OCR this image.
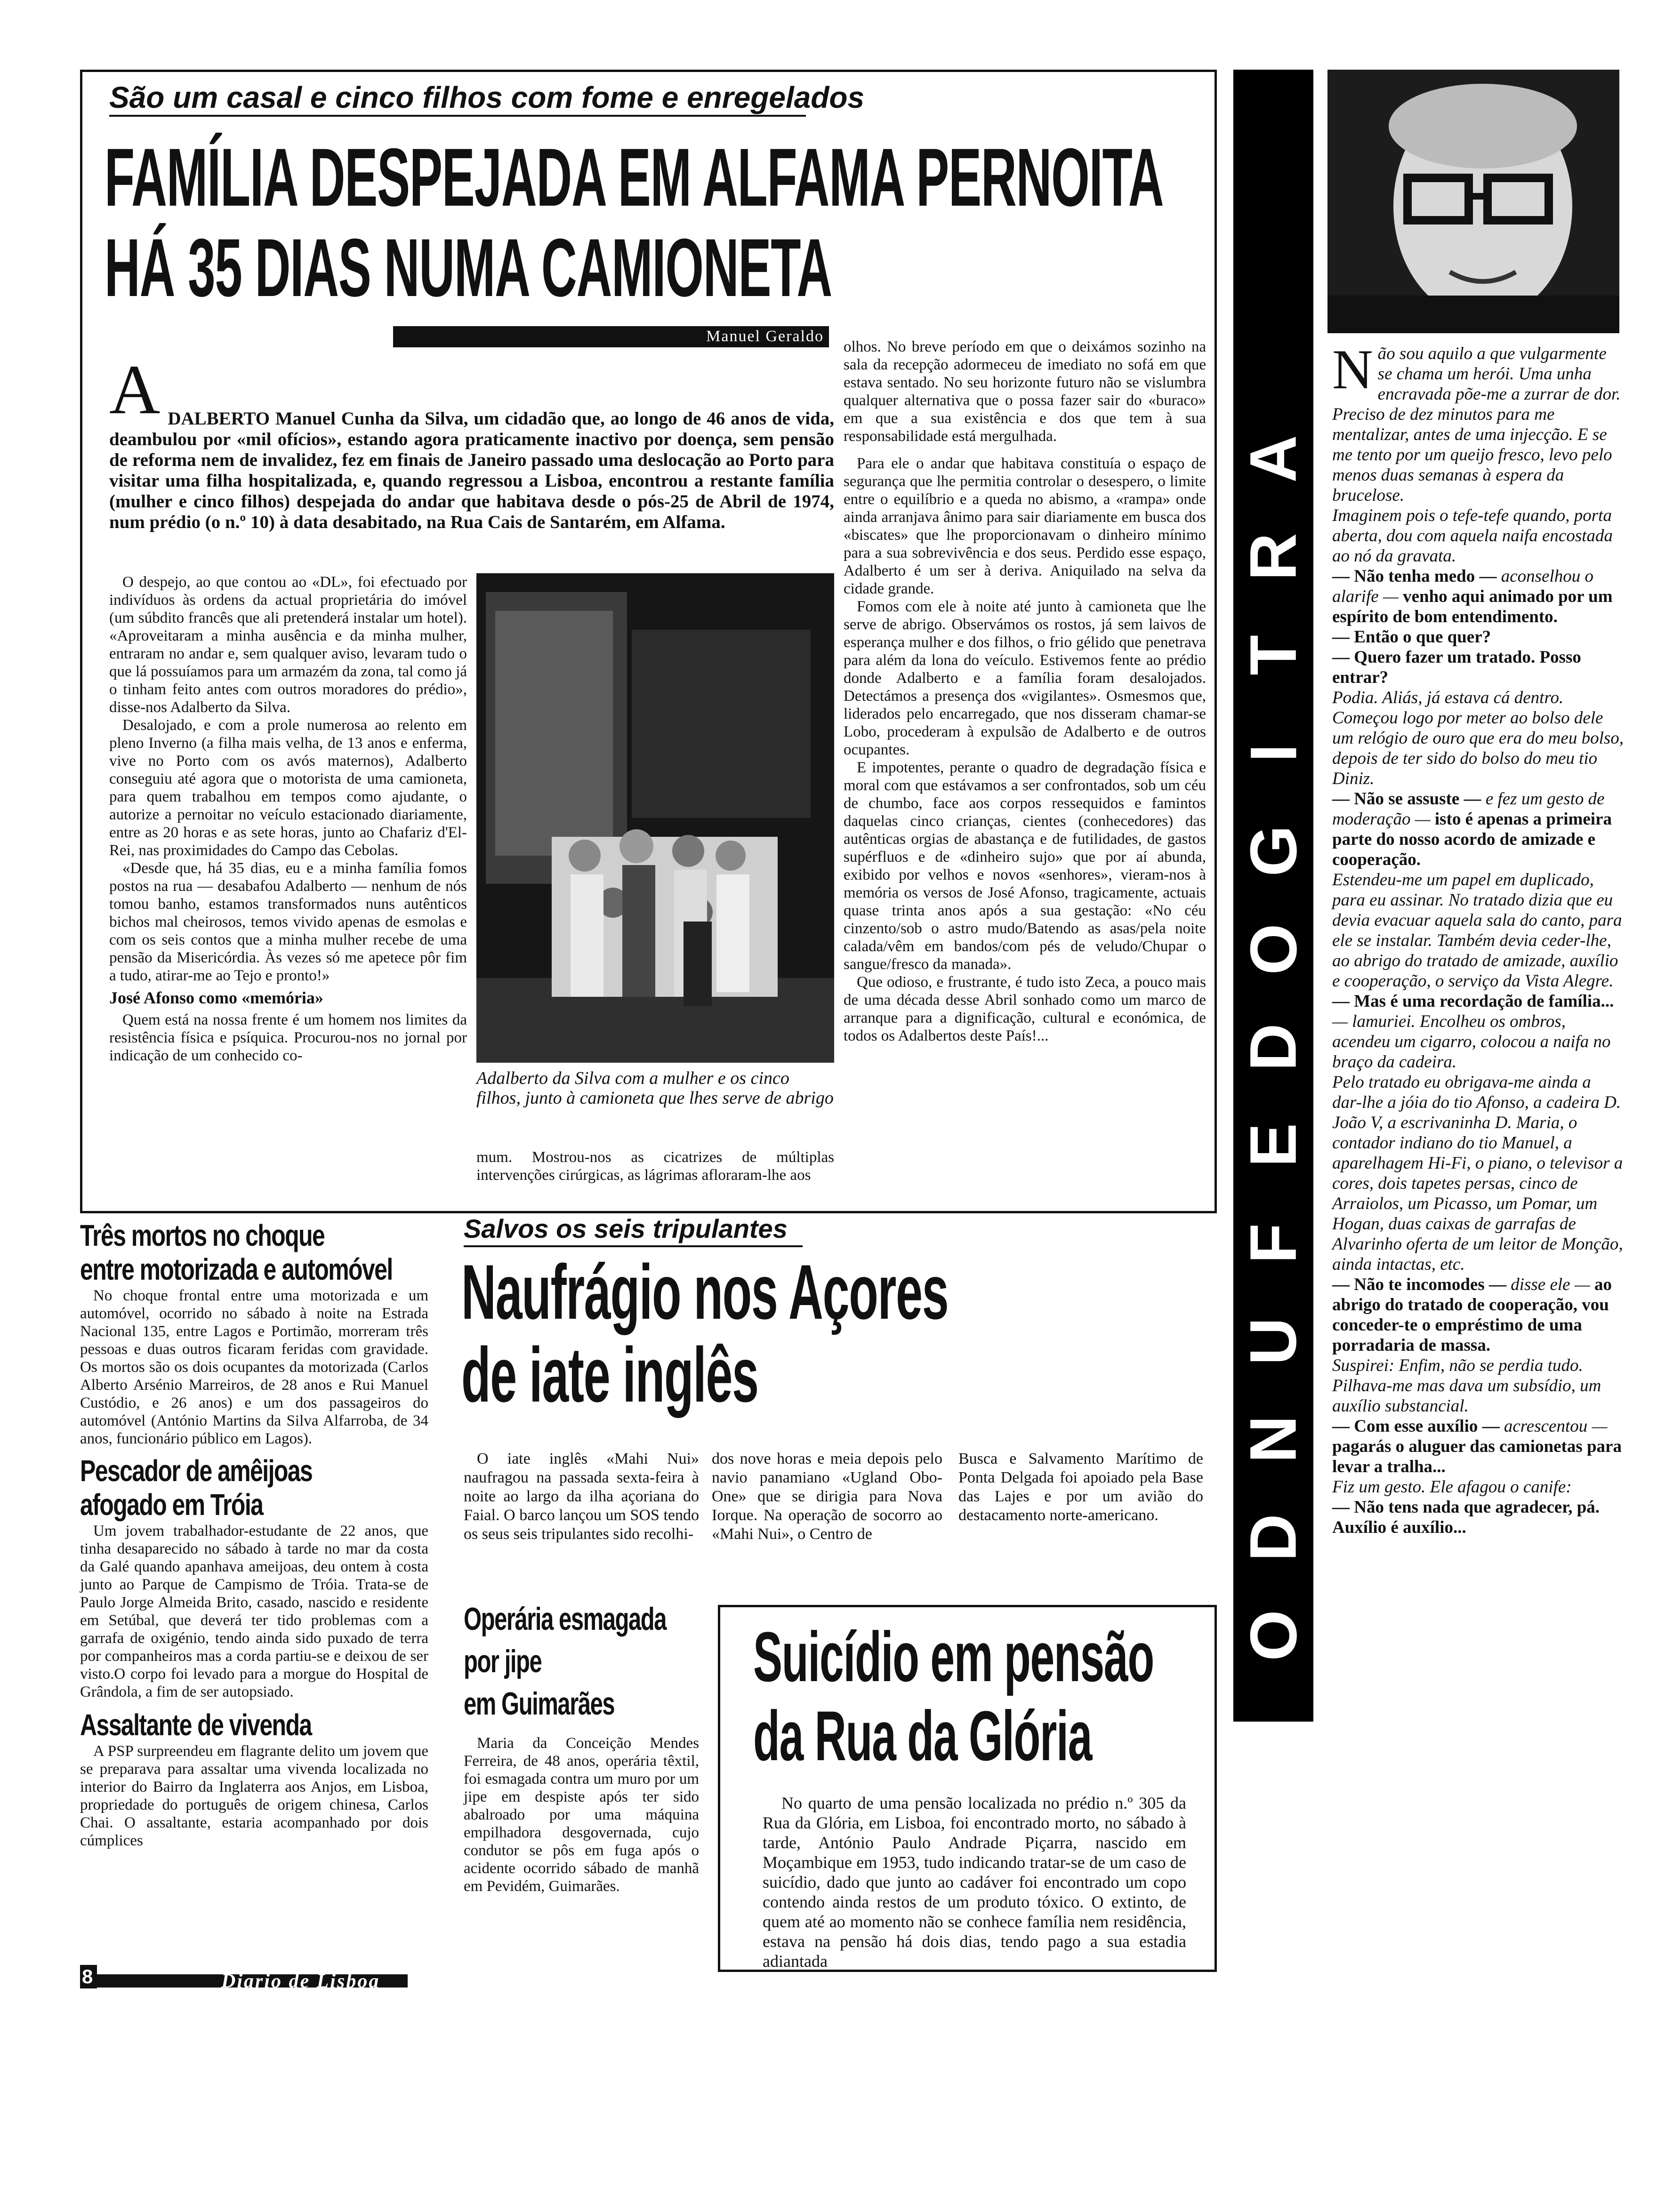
São um casal e cinco filhos com fome e enregelados
FAMÍLIA DESPEJADA EM ALFAMA PERNOITA
HÁ 35 DIAS NUMA CAMIONETA
Manuel Geraldo
A DALBERTO Manuel Cunha da Silva, um cidadão que, ao longo de 46 anos de vida, deambulou por «mil ofícios», estando agora praticamente inactivo por doença, sem pensão de reforma nem de invalidez, fez em finais de Janeiro passado uma deslocação ao Porto para visitar uma filha hospitalizada, e, quando regressou a Lisboa, encontrou a restante família (mulher e cinco filhos) despejada do andar que habitava desde o pós-25 de Abril de 1974, num prédio (o n.º 10) à data desabitado, na Rua Cais de Santarém, em Alfama.

O despejo, ao que contou ao «DL», foi efectuado por indivíduos às ordens da actual proprietária do imóvel (um súbdito francês que ali pretenderá instalar um hotel). «Aproveitaram a minha ausência e da minha mulher, entraram no andar e, sem qualquer aviso, levaram tudo o que lá possuíamos para um armazém da zona, tal como já o tinham feito antes com outros moradores do prédio», disse-nos Adalberto da Silva.

Desalojado, e com a prole numerosa ao relento em pleno Inverno (a filha mais velha, de 13 anos e enferma, vive no Porto com os avós maternos), Adalberto conseguiu até agora que o motorista de uma camioneta, para quem trabalhou em tempos como ajudante, o autorize a pernoitar no veículo estacionado diariamente, entre as 20 horas e as sete horas, junto ao Chafariz d'El-Rei, nas proximidades do Campo das Cebolas.

«Desde que, há 35 dias, eu e a minha família fomos postos na rua — desabafou Adalberto — nenhum de nós tomou banho, estamos transformados nuns autênticos bichos mal cheirosos, temos vivido apenas de esmolas e com os seis contos que a minha mulher recebe de uma pensão da Misericórdia. Às vezes só me apetece pôr fim a tudo, atirar-me ao Tejo e pronto!»

José Afonso como «memória»

Quem está na nossa frente é um homem nos limites da resistência física e psíquica. Procurou-nos no jornal por indicação de um conhecido co-

Adalberto da Silva com a mulher e os cinco filhos, junto à camioneta que lhes serve de abrigo
mum. Mostrou-nos as cicatrizes de múltiplas intervenções cirúrgicas, as lágrimas afloraram-lhe aos

olhos. No breve período em que o deixámos sozinho na sala da recepção adormeceu de imediato no sofá em que estava sentado. No seu horizonte futuro não se vislumbra qualquer alternativa que o possa fazer sair do «buraco» em que a sua existência e dos que tem à sua responsabilidade está mergulhada.

Para ele o andar que habitava constituía o espaço de segurança que lhe permitia controlar o desespero, o limite entre o equilíbrio e a queda no abismo, a «rampa» onde ainda arranjava ânimo para sair diariamente em busca dos «biscates» que lhe proporcionavam o dinheiro mínimo para a sua sobrevivência e dos seus. Perdido esse espaço, Adalberto é um ser à deriva. Aniquilado na selva da cidade grande.

Fomos com ele à noite até junto à camioneta que lhe serve de abrigo. Observámos os rostos, já sem laivos de esperança mulher e dos filhos, o frio gélido que penetrava para além da lona do veículo. Estivemos fente ao prédio donde Adalberto e a família foram desalojados. Detectámos a presença dos «vigilantes». Osmesmos que, liderados pelo encarregado, que nos disseram chamar-se Lobo, procederam à expulsão de Adalberto e de outros ocupantes.

E impotentes, perante o quadro de degradação física e moral com que estávamos a ser confrontados, sob um céu de chumbo, face aos corpos ressequidos e famintos daquelas cinco crianças, cientes (conhecedores) das autênticas orgias de abastança e de futilidades, de gastos supérfluos e de «dinheiro sujo» que por aí abunda, exibido por velhos e novos «senhores», vieram-nos à memória os versos de José Afonso, tragicamente, actuais quase trinta anos após a sua gestação: «No céu cinzento/sob o astro mudo/Batendo as asas/pela noite calada/vêm em bandos/com pés de veludo/Chupar o sangue/fresco da manada».

Que odioso, e frustrante, é tudo isto Zeca, a pouco mais de uma década desse Abril sonhado como um marco de arranque para a dignificação, cultural e económica, de todos os Adalbertos deste País!...

A
R
T
I
G
O
D
E
F
U
N
D
O
N ão sou aquilo a que vulgarmente se chama um herói. Uma unha encravada põe-me a zurrar de dor. Preciso de dez minutos para me mentalizar, antes de uma injecção. E se me tento por um queijo fresco, levo pelo menos duas semanas à espera da brucelose.
Imaginem pois o tefe-tefe quando, porta aberta, dou com aquela naifa encostada ao nó da gravata.
— Não tenha medo — aconselhou o alarife — venho aqui animado por um espírito de bom entendimento.
— Então o que quer?
— Quero fazer um tratado. Posso entrar?
Podia. Aliás, já estava cá dentro. Começou logo por meter ao bolso dele um relógio de ouro que era do meu bolso, depois de ter sido do bolso do meu tio Diniz.
— Não se assuste — e fez um gesto de moderação — isto é apenas a primeira parte do nosso acordo de amizade e cooperação.
Estendeu-me um papel em duplicado, para eu assinar. No tratado dizia que eu devia evacuar aquela sala do canto, para ele se instalar. Também devia ceder-lhe, ao abrigo do tratado de amizade, auxílio e cooperação, o serviço da Vista Alegre.
— Mas é uma recordação de família... — lamuriei. Encolheu os ombros, acendeu um cigarro, colocou a naifa no braço da cadeira.
Pelo tratado eu obrigava-me ainda a dar-lhe a jóia do tio Afonso, a cadeira D. João V, a escrivaninha D. Maria, o contador indiano do tio Manuel, a aparelhagem Hi-Fi, o piano, o televisor a cores, dois tapetes persas, cinco de Arraiolos, um Picasso, um Pomar, um Hogan, duas caixas de garrafas de Alvarinho oferta de um leitor de Monção, ainda intactas, etc.
— Não te incomodes — disse ele — ao abrigo do tratado de cooperação, vou conceder-te o empréstimo de uma porradaria de massa.
Suspirei: Enfim, não se perdia tudo. Pilhava-me mas dava um subsídio, um auxílio substancial.
— Com esse auxílio — acrescentou — pagarás o aluguer das camionetas para levar a tralha...
Fiz um gesto. Ele afagou o canife:
— Não tens nada que agradecer, pá. Auxílio é auxílio...
Três mortos no choque
entre motorizada e automóvel
No choque frontal entre uma motorizada e um automóvel, ocorrido no sábado à noite na Estrada Nacional 135, entre Lagos e Portimão, morreram três pessoas e duas outros ficaram feridas com gravidade. Os mortos são os dois ocupantes da motorizada (Carlos Alberto Arsénio Marreiros, de 28 anos e Rui Manuel Custódio, e 26 anos) e um dos passageiros do automóvel (António Martins da Silva Alfarroba, de 34 anos, funcionário público em Lagos).
Pescador de amêijoas
afogado em Tróia
Um jovem trabalhador-estudante de 22 anos, que tinha desaparecido no sábado à tarde no mar da costa da Galé quando apanhava ameijoas, deu ontem à costa junto ao Parque de Campismo de Tróia. Trata-se de Paulo Jorge Almeida Brito, casado, nascido e residente em Setúbal, que deverá ter tido problemas com a garrafa de oxigénio, tendo ainda sido puxado de terra por companheiros mas a corda partiu-se e deixou de ser visto.O corpo foi levado para a morgue do Hospital de Grândola, a fim de ser autopsiado.
Assaltante de vivenda
A PSP surpreendeu em flagrante delito um jovem que se preparava para assaltar uma vivenda localizada no interior do Bairro da Inglaterra aos Anjos, em Lisboa, propriedade do português de origem chinesa, Carlos Chai. O assaltante, estaria acompanhado por dois cúmplices
Salvos os seis tripulantes
Naufrágio nos Açores
de iate inglês
O iate inglês «Mahi Nui» naufragou na passada sexta-feira à noite ao largo da ilha açoriana do Faial. O barco lançou um SOS tendo os seus seis tripulantes sido recolhi-
dos nove horas e meia depois pelo navio panamiano «Ugland Obo-One» que se dirigia para Nova Iorque. Na operação de socorro ao «Mahi Nui», o Centro de
Busca e Salvamento Marítimo de Ponta Delgada foi apoiado pela Base das Lajes e por um avião do destacamento norte-americano.
Operária esmagada
por jipe
em Guimarães
Maria da Conceição Mendes Ferreira, de 48 anos, operária têxtil, foi esmagada contra um muro por um jipe em despiste após ter sido abalroado por uma máquina empilhadora desgovernada, cujo condutor se pôs em fuga após o acidente ocorrido sábado de manhã em Pevidém, Guimarães.
Suicídio em pensão
da Rua da Glória
No quarto de uma pensão localizada no prédio n.º 305 da Rua da Glória, em Lisboa, foi encontrado morto, no sábado à tarde, António Paulo Andrade Piçarra, nascido em Moçambique em 1953, tudo indicando tratar-se de um caso de suicídio, dado que junto ao cadáver foi encontrado um copo contendo ainda restos de um produto tóxico. O extinto, de quem até ao momento não se conhece família nem residência, estava na pensão há dois dias, tendo pago a sua estadia adiantada
8	Diario de Lisboa
